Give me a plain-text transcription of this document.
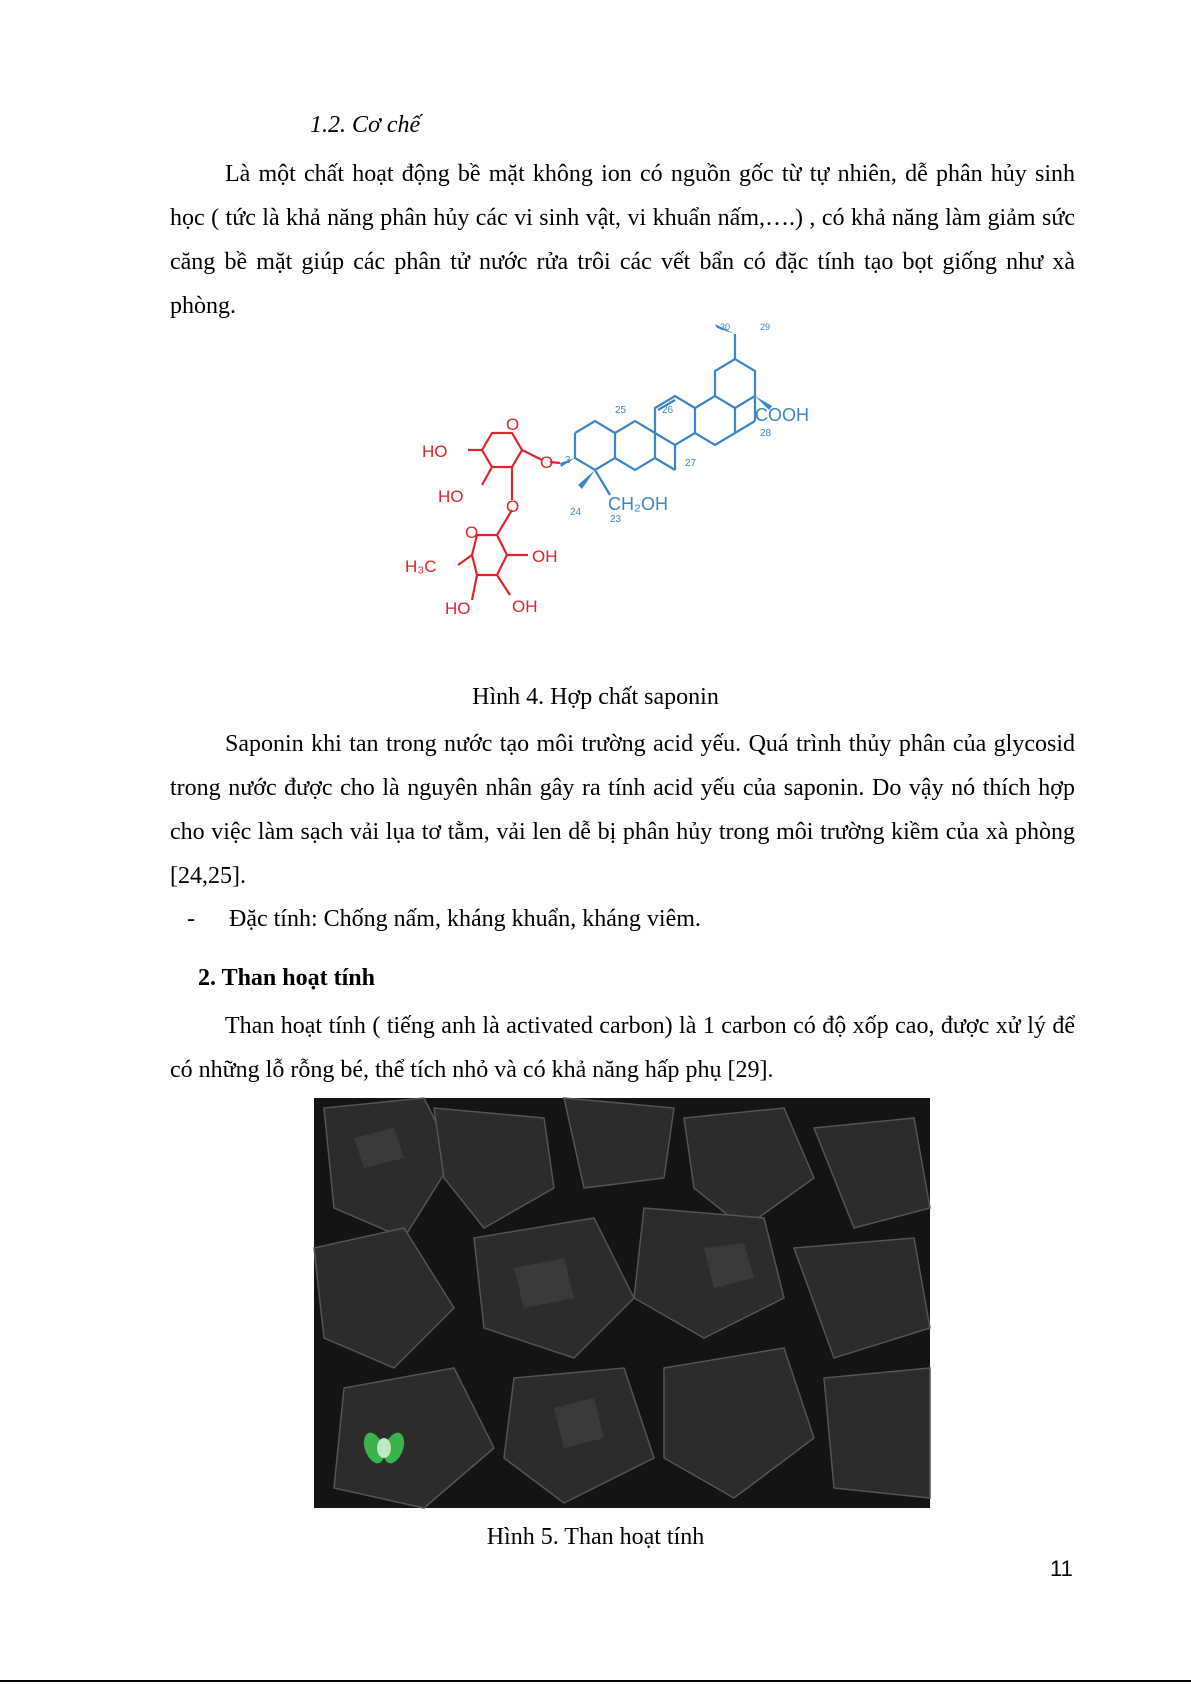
1.2. Cơ chế

Là một chất hoạt động bề mặt không ion có nguồn gốc từ tự nhiên, dễ phân hủy sinh học ( tức là khả năng phân hủy các vi sinh vật, vi khuẩn nấm,….) , có khả năng làm giảm sức căng bề mặt giúp các phân tử nước rửa trôi các vết bẩn có đặc tính tạo bọt giống như xà phòng.

30	29
25	26
27
28
3
24
23
COOH
CH₂OH
O
O
O
O
HO
HO
HO
OH
OH
H₃C
Hình 4. Hợp chất saponin

Saponin khi tan trong nước tạo môi trường acid yếu. Quá trình thủy phân của glycosid trong nước được cho là nguyên nhân gây ra tính acid yếu của saponin. Do vậy nó thích hợp cho việc làm sạch vải lụa tơ tằm, vải len dễ bị phân hủy trong môi trường kiềm của xà phòng [24,25].

- Đặc tính: Chống nấm, kháng khuẩn, kháng viêm.
2. Than hoạt tính

Than hoạt tính ( tiếng anh là activated carbon) là 1 carbon có độ xốp cao, được xử lý để có những lỗ rỗng bé, thể tích nhỏ và có khả năng hấp phụ [29].

Hình 5. Than hoạt tính
11
